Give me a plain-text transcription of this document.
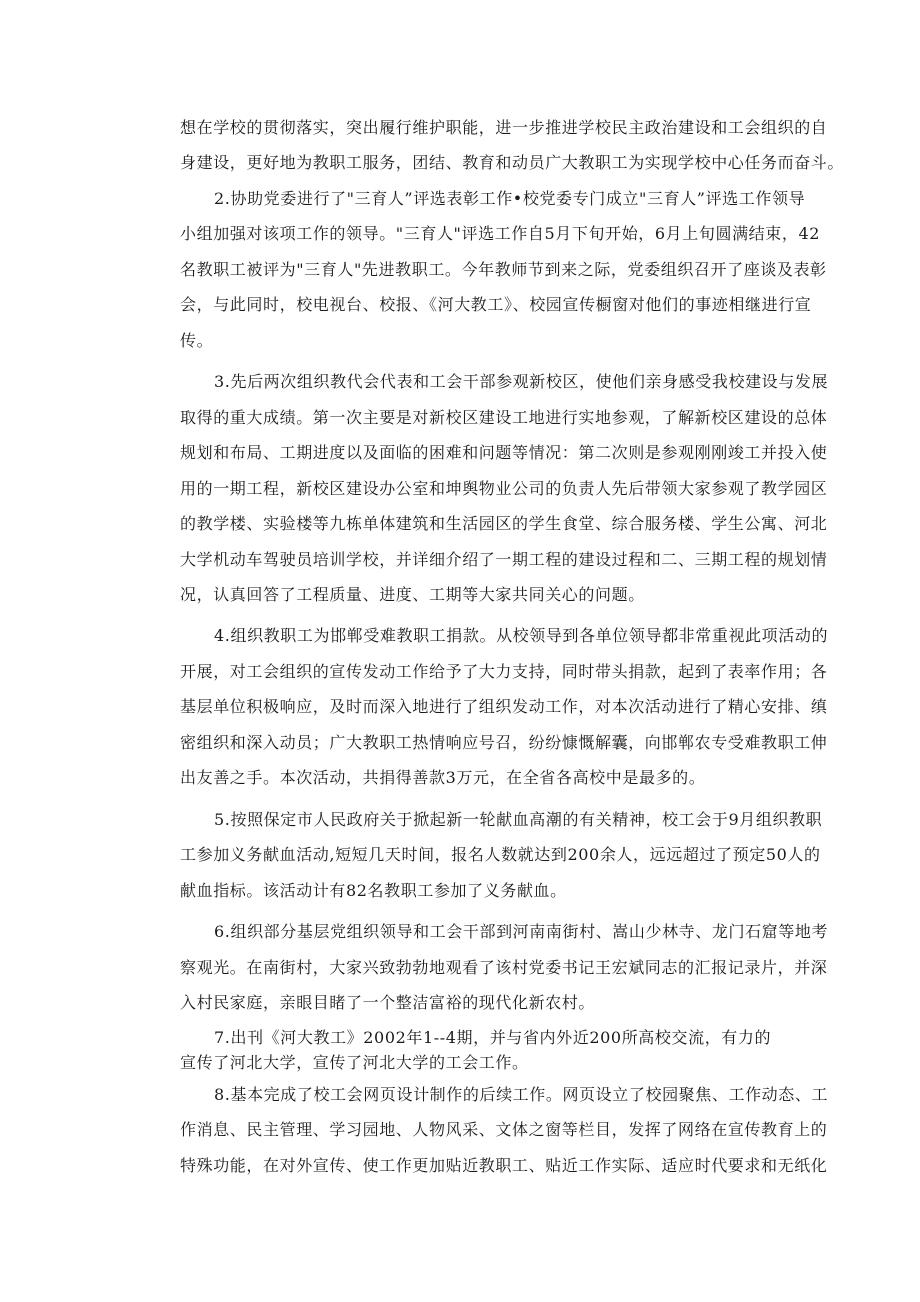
想在学校的贯彻落实，突出履行维护职能，进一步推进学校民主政治建设和工会组织的自
身建设，更好地为教职工服务，团结、教育和动员广大教职工为实现学校中心任务而奋斗。
2.协助党委进行了"三育人”评选表彰工作•校党委专门成立"三育人”评选工作领导
小组加强对该项工作的领导。"三育人"评选工作自5月下旬开始，6月上旬圆满结束，42
名教职工被评为"三育人"先进教职工。今年教师节到来之际，党委组织召开了座谈及表彰
会，与此同时，校电视台、校报、《河大教工》、校园宣传橱窗对他们的事迹相继进行宣
传。
3.先后两次组织教代会代表和工会干部参观新校区，使他们亲身感受我校建设与发展
取得的重大成绩。第一次主要是对新校区建设工地进行实地参观，了解新校区建设的总体
规划和布局、工期进度以及面临的困难和问题等情况：第二次则是参观刚刚竣工并投入使
用的一期工程，新校区建设办公室和坤舆物业公司的负责人先后带领大家参观了教学园区
的教学楼、实验楼等九栋单体建筑和生活园区的学生食堂、综合服务楼、学生公寓、河北
大学机动车驾驶员培训学校，并详细介绍了一期工程的建设过程和二、三期工程的规划情
况，认真回答了工程质量、进度、工期等大家共同关心的问题。
4.组织教职工为邯郸受难教职工捐款。从校领导到各单位领导都非常重视此项活动的
开展，对工会组织的宣传发动工作给予了大力支持，同时带头捐款，起到了表率作用；各
基层单位积极响应，及时而深入地进行了组织发动工作，对本次活动进行了精心安排、缜
密组织和深入动员；广大教职工热情响应号召，纷纷慷慨解囊，向邯郸农专受难教职工伸
出友善之手。本次活动，共捐得善款3万元，在全省各高校中是最多的。
5.按照保定市人民政府关于掀起新一轮献血高潮的有关精神，校工会于9月组织教职
工参加义务献血活动,短短几天时间，报名人数就达到200余人，远远超过了预定50人的
献血指标。该活动计有82名教职工参加了义务献血。
6.组织部分基层党组织领导和工会干部到河南南街村、嵩山少林寺、龙门石窟等地考
察观光。在南街村，大家兴致勃勃地观看了该村党委书记王宏斌同志的汇报记录片，并深
入村民家庭，亲眼目睹了一个整洁富裕的现代化新农村。
7.出刊《河大教工》2002年1--4期，并与省内外近200所高校交流，有力的
宣传了河北大学，宣传了河北大学的工会工作。
8.基本完成了校工会网页设计制作的后续工作。网页设立了校园聚焦、工作动态、工
作消息、民主管理、学习园地、人物风采、文体之窗等栏目，发挥了网络在宣传教育上的
特殊功能，在对外宣传、使工作更加贴近教职工、贴近工作实际、适应时代要求和无纸化
